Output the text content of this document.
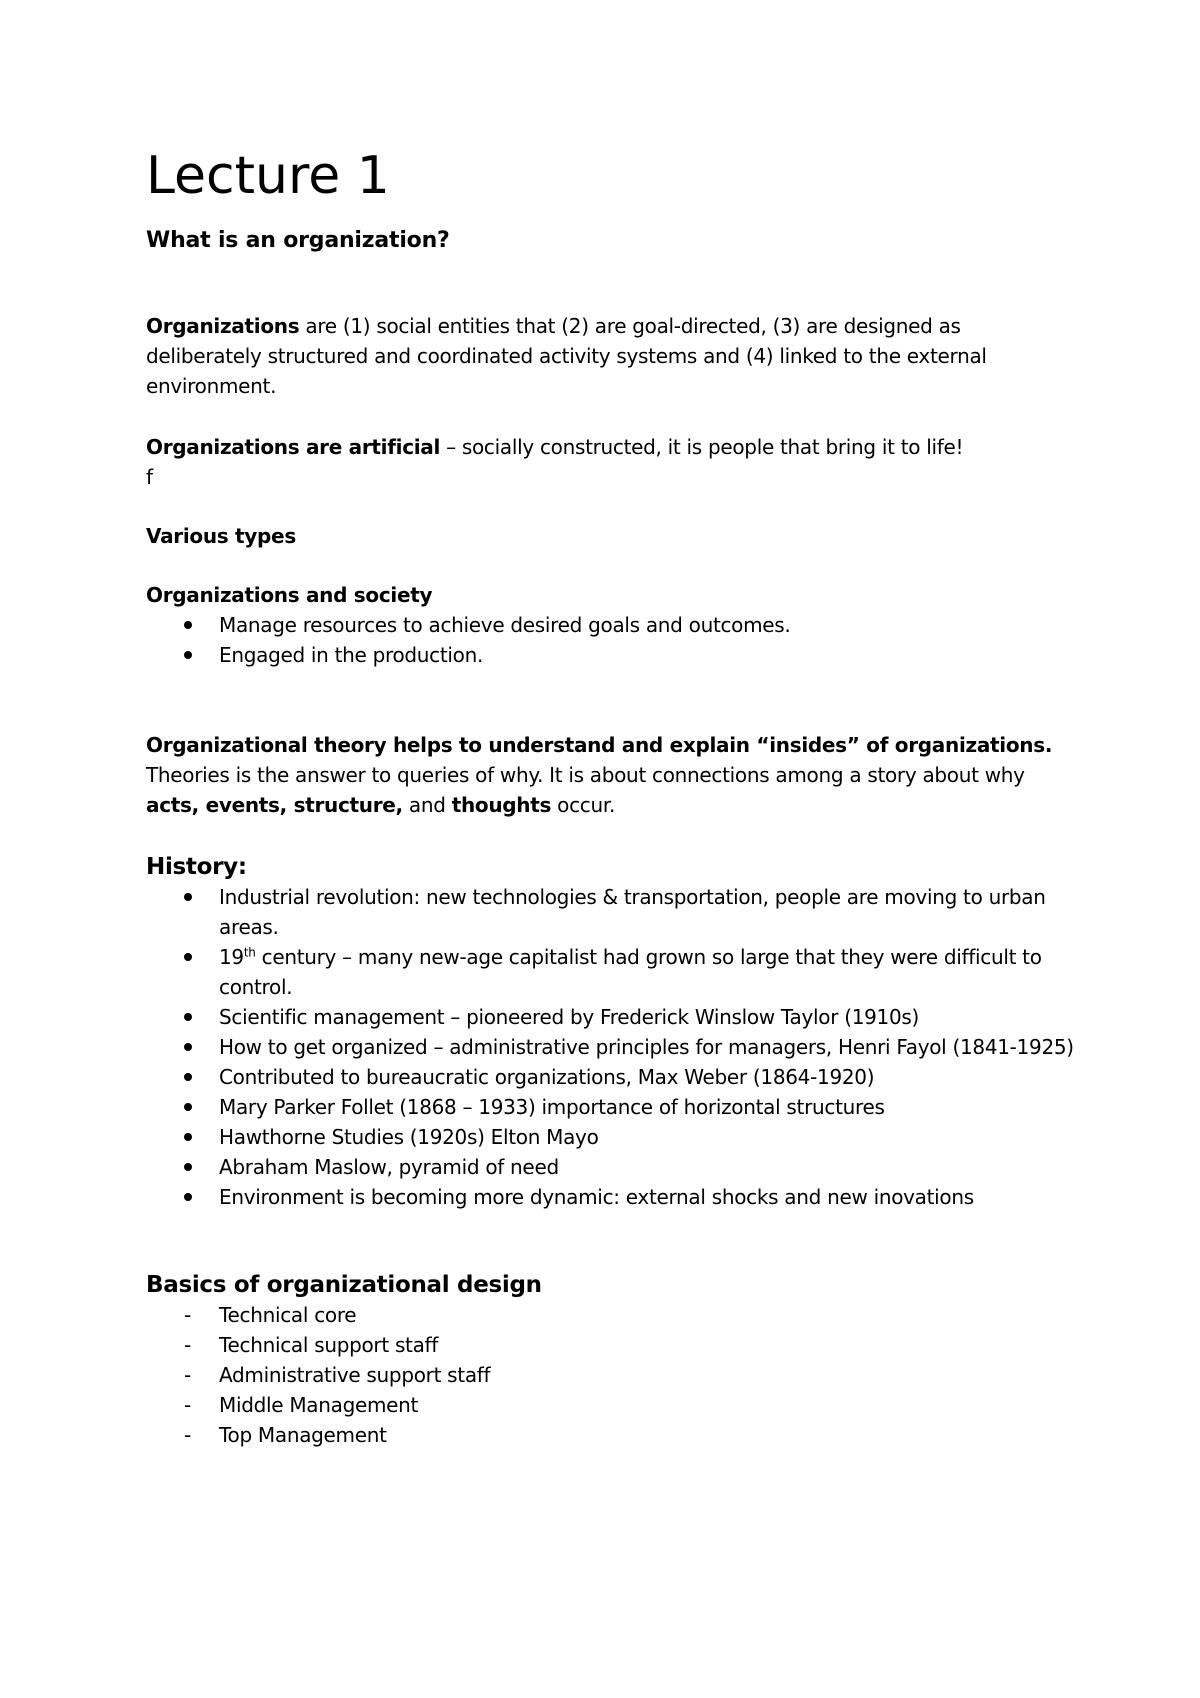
Lecture 1

What is an organization?

Organizations are (1) social entities that (2) are goal-directed, (3) are designed as deliberately structured and coordinated activity systems and (4) linked to the external environment.

Organizations are artificial – socially constructed, it is people that bring it to life!

f

Various types

Organizations and society

Manage resources to achieve desired goals and outcomes.
Engaged in the production.

Organizational theory helps to understand and explain “insides” of organizations.

Theories is the answer to queries of why. It is about connections among a story about why acts, events, structure, and thoughts occur.

History:

Industrial revolution: new technologies & transportation, people are moving to urban areas.
19th century – many new-age capitalist had grown so large that they were difficult to control.
Scientific management – pioneered by Frederick Winslow Taylor (1910s)
How to get organized – administrative principles for managers, Henri Fayol (1841-1925)
Contributed to bureaucratic organizations, Max Weber (1864-1920)
Mary Parker Follet (1868 – 1933) importance of horizontal structures
Hawthorne Studies (1920s) Elton Mayo
Abraham Maslow, pyramid of need
Environment is becoming more dynamic: external shocks and new inovations

Basics of organizational design

- Technical core
- Technical support staff
- Administrative support staff
- Middle Management
- Top Management
